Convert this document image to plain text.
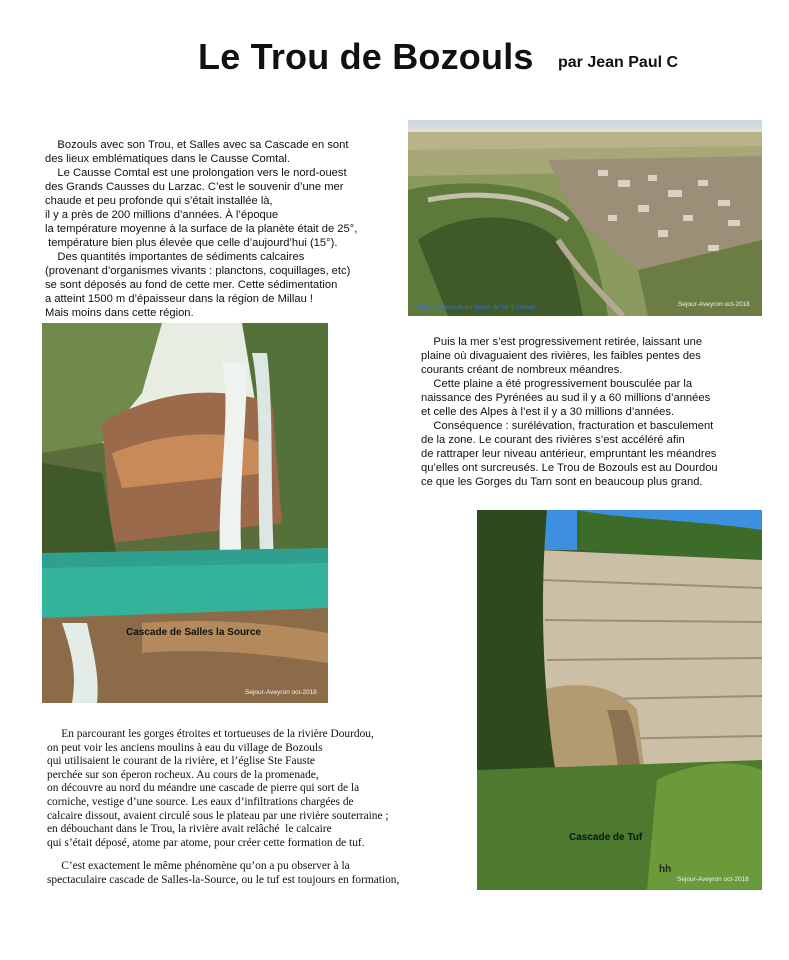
Le Trou de Bozouls par Jean Paul C
Bozouls avec son Trou, et Salles avec sa Cascade en sont
des lieux emblématiques dans le Causse Comtal.
Le Causse Comtal est une prolongation vers le nord-ouest
des Grands Causses du Larzac. C’est le souvenir d’une mer
chaude et peu profonde qui s’était installée là,
il y a près de 200 millions d’années. À l’époque
la température moyenne à la surface de la planète était de 25°,
température bien plus élevée que celle d’aujourd’hui (15°).
Des quantités importantes de sédiments calcaires
(provenant d’organismes vivants : planctons, coquillages, etc)
se sont déposés au fond de cette mer. Cette sédimentation
a atteint 1500 m d’épaisseur dans la région de Millau !
Mais moins dans cette région.
Puis la mer s’est progressivement retirée, laissant une
plaine où divaguaient des rivières, les faibles pentes des
courants créant de nombreux méandres.
Cette plaine a été progressivement bousculée par la
naissance des Pyrénées au sud il y a 60 millions d’années
et celle des Alpes à l’est il y a 30 millions d’années.
Conséquence : surélévation, fracturation et basculement
de la zone. Le courant des rivières s’est accéléré afin
de rattraper leur niveau antérieur, empruntant les méandres
qu’elles ont surcreusés. Le Trou de Bozouls est au Dourdou
ce que les Gorges du Tarn sont en beaucoup plus grand.
En parcourant les gorges étroites et tortueuses de la rivière Dourdou,
on peut voir les anciens moulins à eau du village de Bozouls
qui utilisaient le courant de la rivière, et l’église Ste Fauste
perchée sur son éperon rocheux. Au cours de la promenade,
on découvre au nord du méandre une cascade de pierre qui sort de la
corniche, vestige d’une source. Les eaux d’infiltrations chargées de
calcaire dissout, avaient circulé sous le plateau par une rivière souterraine ;
en débouchant dans le Trou, la rivière avait relâché  le calcaire
qui s’était déposé, atome par atome, pour créer cette formation de tuf.
C’est exactement le même phénomène qu’on a pu observer à la
spectaculaire cascade de Salles-la-Source, ou le tuf est toujours en formation,
Trou de Bozouls en forme de fer à cheval	Sejour-Aveyron oct-2018
Cascade de Salles la Source
Sejour-Aveyron oct-2018
Cascade de Tuf
hh
Sejour-Aveyron oct-2018
